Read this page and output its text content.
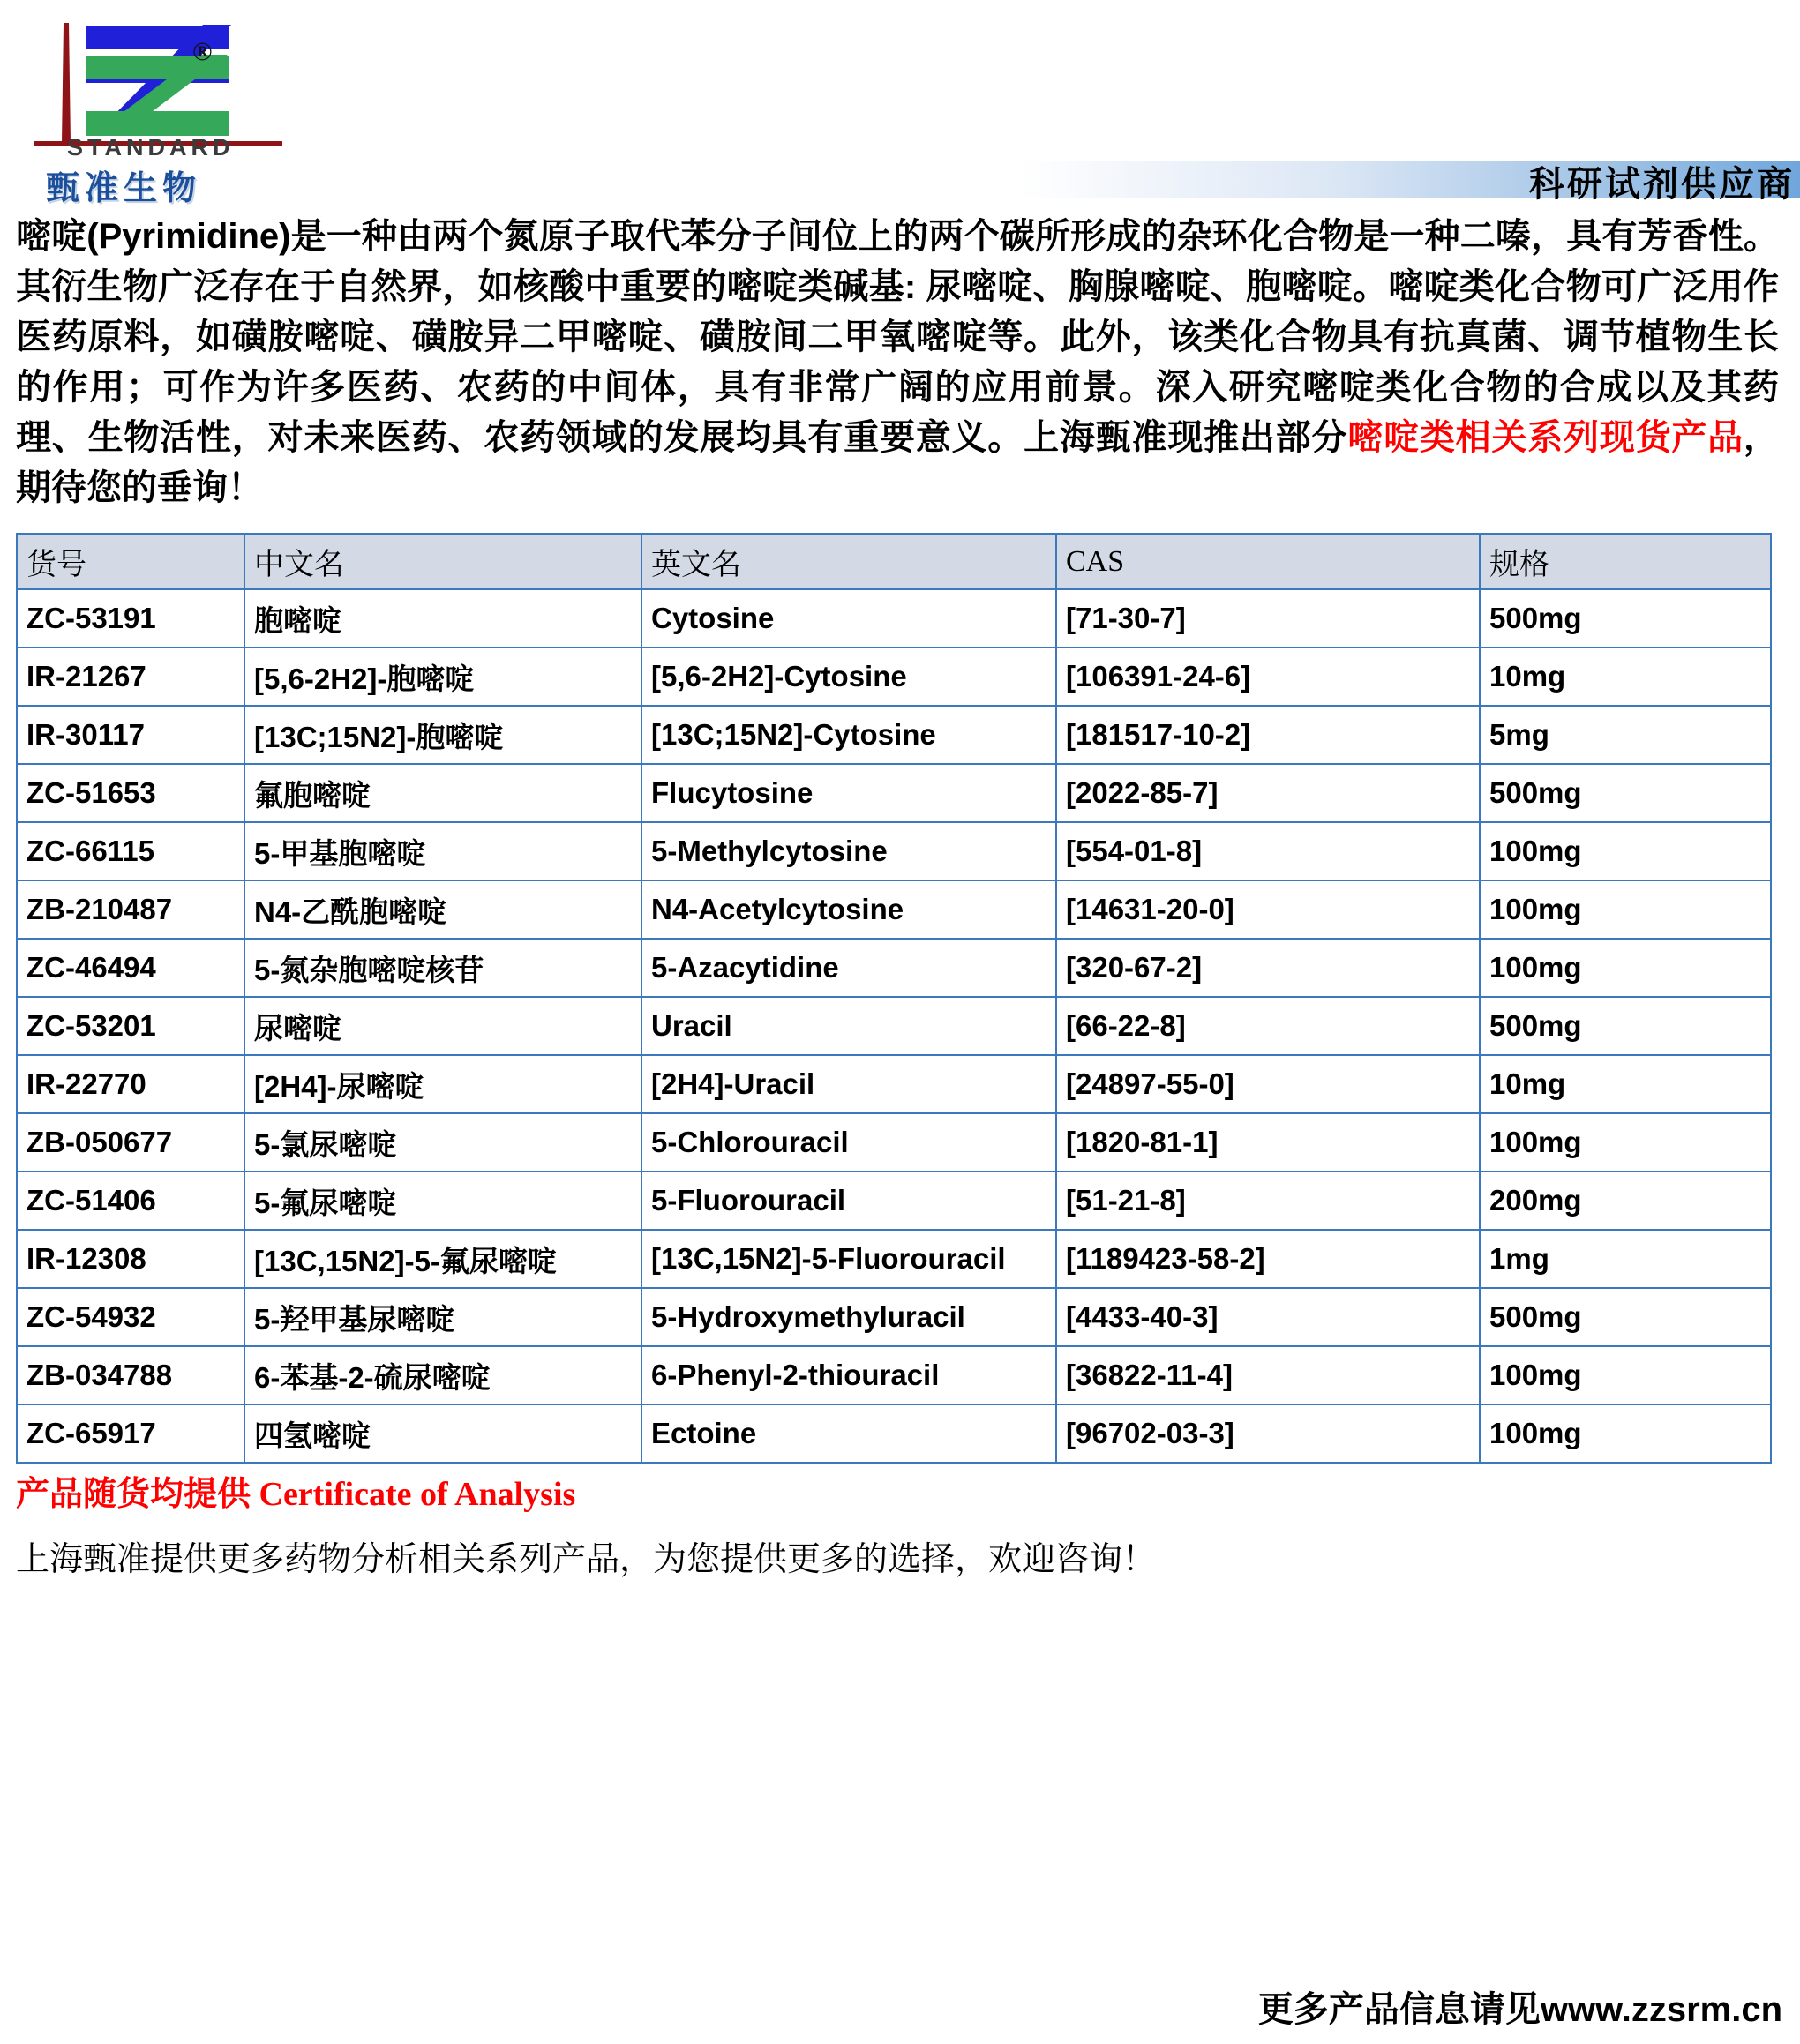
®
STANDARD
甄准生物	科研试剂供应商
嘧啶(Pyrimidine)是一种由两个氮原子取代苯分子间位上的两个碳所形成的杂环化合物是一种二嗪，具有芳香性。其衍生物广泛存在于自然界，如核酸中重要的嘧啶类碱基: 尿嘧啶、胸腺嘧啶、胞嘧啶。嘧啶类化合物可广泛用作医药原料，如磺胺嘧啶、磺胺异二甲嘧啶、磺胺间二甲氧嘧啶等。此外，该类化合物具有抗真菌、调节植物生长的作用；可作为许多医药、农药的中间体，具有非常广阔的应用前景。深入研究嘧啶类化合物的合成以及其药理、生物活性，对未来医药、农药领域的发展均具有重要意义。上海甄准现推出部分嘧啶类相关系列现货产品，期待您的垂询！
货号	中文名	英文名	CAS	规格
ZC-53191	胞嘧啶	Cytosine	[71-30-7]	500mg
IR-21267	[5,6-2H2]-胞嘧啶	[5,6-2H2]-Cytosine	[106391-24-6]	10mg
IR-30117	[13C;15N2]-胞嘧啶	[13C;15N2]-Cytosine	[181517-10-2]	5mg
ZC-51653	氟胞嘧啶	Flucytosine	[2022-85-7]	500mg
ZC-66115	5-甲基胞嘧啶	5-Methylcytosine	[554-01-8]	100mg
ZB-210487	N4-乙酰胞嘧啶	N4-Acetylcytosine	[14631-20-0]	100mg
ZC-46494	5-氮杂胞嘧啶核苷	5-Azacytidine	[320-67-2]	100mg
ZC-53201	尿嘧啶	Uracil	[66-22-8]	500mg
IR-22770	[2H4]-尿嘧啶	[2H4]-Uracil	[24897-55-0]	10mg
ZB-050677	5-氯尿嘧啶	5-Chlorouracil	[1820-81-1]	100mg
ZC-51406	5-氟尿嘧啶	5-Fluorouracil	[51-21-8]	200mg
IR-12308	[13C,15N2]-5-氟尿嘧啶	[13C,15N2]-5-Fluorouracil	[1189423-58-2]	1mg
ZC-54932	5-羟甲基尿嘧啶	5-Hydroxymethyluracil	[4433-40-3]	500mg
ZB-034788	6-苯基-2-硫尿嘧啶	6-Phenyl-2-thiouracil	[36822-11-4]	100mg
ZC-65917	四氢嘧啶	Ectoine	[96702-03-3]	100mg
产品随货均提供 Certificate of Analysis
上海甄准提供更多药物分析相关系列产品，为您提供更多的选择，欢迎咨询！
更多产品信息请见www.zzsrm.cn
